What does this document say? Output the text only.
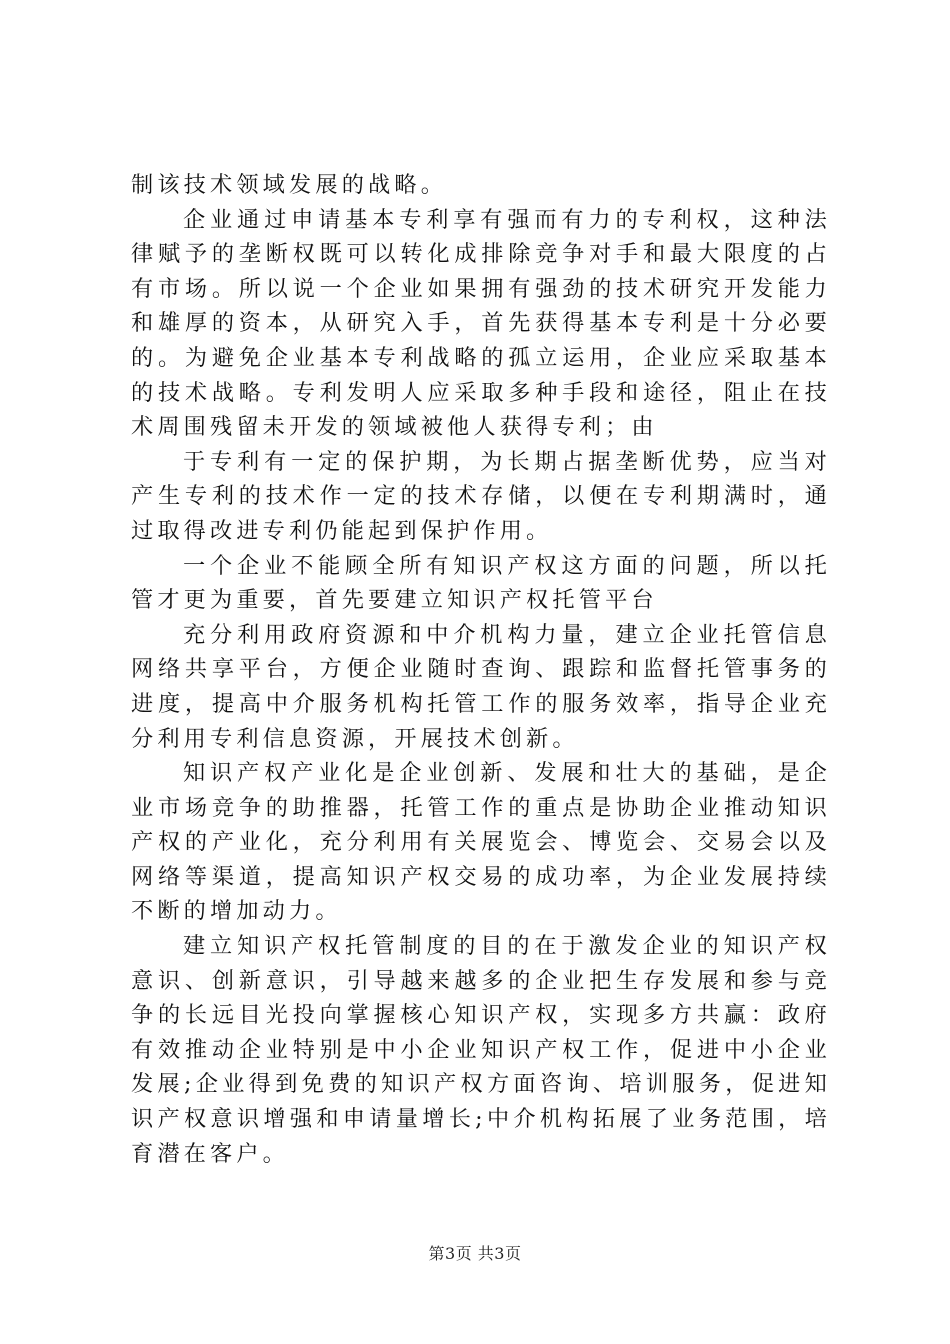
制该技术领域发展的战略。

企业通过申请基本专利享有强而有力的专利权，这种法律赋予的垄断权既可以转化成排除竞争对手和最大限度的占有市场。所以说一个企业如果拥有强劲的技术研究开发能力和雄厚的资本，从研究入手，首先获得基本专利是十分必要的。为避免企业基本专利战略的孤立运用，企业应采取基本的技术战略。专利发明人应采取多种手段和途径，阻止在技术周围残留未开发的领域被他人获得专利；由

于专利有一定的保护期，为长期占据垄断优势，应当对产生专利的技术作一定的技术存储，以便在专利期满时，通过取得改进专利仍能起到保护作用。

一个企业不能顾全所有知识产权这方面的问题，所以托管才更为重要，首先要建立知识产权托管平台

充分利用政府资源和中介机构力量，建立企业托管信息网络共享平台，方便企业随时查询、跟踪和监督托管事务的进度，提高中介服务机构托管工作的服务效率，指导企业充分利用专利信息资源，开展技术创新。

知识产权产业化是企业创新、发展和壮大的基础，是企业市场竞争的助推器，托管工作的重点是协助企业推动知识产权的产业化，充分利用有关展览会、博览会、交易会以及网络等渠道，提高知识产权交易的成功率，为企业发展持续不断的增加动力。

建立知识产权托管制度的目的在于激发企业的知识产权意识、创新意识，引导越来越多的企业把生存发展和参与竞争的长远目光投向掌握核心知识产权，实现多方共赢：政府有效推动企业特别是中小企业知识产权工作，促进中小企业发展;企业得到免费的知识产权方面咨询、培训服务，促进知识产权意识增强和申请量增长;中介机构拓展了业务范围，培育潜在客户。

第3页 共3页
